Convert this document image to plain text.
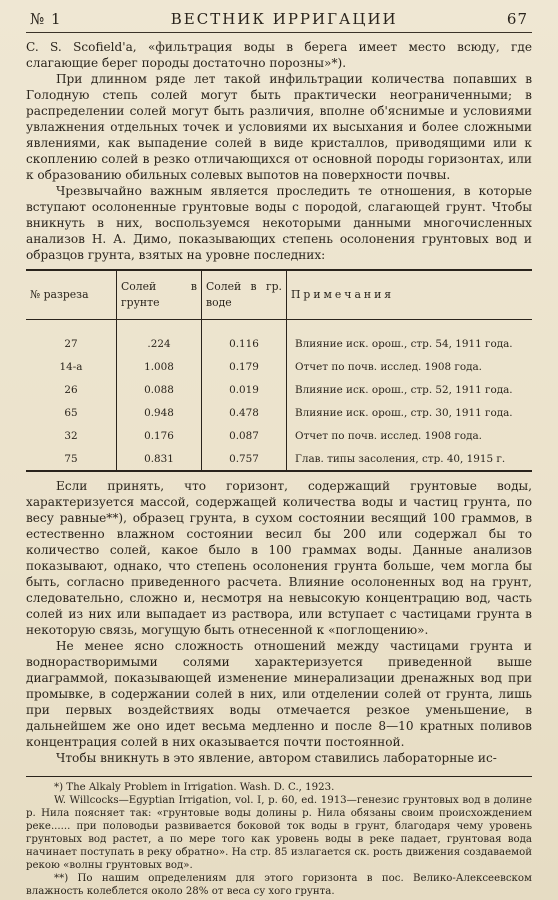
№ 1	ВЕСТНИК ИРРИГАЦИИ	67

C. S. Scofield'a, «фильтрация воды в берега имеет место всюду, где слагающие берег породы достаточно порозны»*).

При длинном ряде лет такой инфильтрации количества попавших в Голодную степь солей могут быть практически неограниченными; в распределении солей могут быть различия, вполне об'яснимые и условиями увлажнения отдельных точек и условиями их высыхания и более сложными явлениями, как выпадение солей в виде кристаллов, приводящими или к скоплению солей в резко отличающихся от основной породы горизонтах, или к образованию обильных солевых выпотов на поверхности почвы.

Чрезвычайно важным является проследить те отношения, в которые вступают осолоненные грунтовые воды с породой, слагающей грунт. Чтобы вникнуть в них, воспользуемся некоторыми данными многочисленных анализов Н. А. Димо, показывающих степень осолонения грунтовых вод и образцов грунта, взятых на уровне последних:

№ разреза	Солей в грунте	Солей в гр. воде	Примечания

27	.224	0.116	Влияние иск. орош., стр. 54, 1911 года.
14-а	1.008	0.179	Отчет по почв. исслед. 1908 года.
26	0.088	0.019	Влияние иск. орош., стр. 52, 1911 года.
65	0.948	0.478	Влияние иск. орош., стр. 30, 1911 года.
32	0.176	0.087	Отчет по почв. исслед. 1908 года.
75	0.831	0.757	Глав. типы засоления, стр. 40, 1915 г.

Если принять, что горизонт, содержащий грунтовые воды, характеризуется массой, содержащей количества воды и частиц грунта, по весу равные**), образец грунта, в сухом состоянии весящий 100 граммов, в естественно влажном состоянии весил бы 200 или содержал бы то количество солей, какое было в 100 граммах воды. Данные анализов показывают, однако, что степень осолонения грунта больше, чем могла бы быть, согласно приведенного расчета. Влияние осолоненных вод на грунт, следовательно, сложно и, несмотря на невысокую концентрацию вод, часть солей из них или выпадает из раствора, или вступает с частицами грунта в некоторую связь, могущую быть отнесенной к «поглощению».

Не менее ясно сложность отношений между частицами грунта и воднорастворимыми солями характеризуется приведенной выше диаграммой, показывающей изменение минерализации дренажных вод при промывке, в содержании солей в них, или отделении солей от грунта, лишь при первых воздействиях воды отмечается резкое уменьшение, в дальнейшем же оно идет весьма медленно и после 8—10 кратных поливов концентрация солей в них оказывается почти постоянной.

Чтобы вникнуть в это явление, автором ставились лабораторные ис-

*) The Alkaly Problem in Irrigation. Wash. D. C., 1923.

W. Willcocks—Egyptian Irrigation, vol. I, p. 60, ed. 1913—генезис грунтовых вод в долине р. Нила поясняет так: «грунтовые воды долины р. Нила обязаны своим происхождением реке...... при половодьи развивается боковой ток воды в грунт, благодаря чему уровень грунтовых вод растет, а по мере того как уровень воды в реке падает, грунтовая вода начинает поступать в реку обратно». На стр. 85 излагается ск. рость движения создаваемой рекою «волны грунтовых вод».

**) По нашим определениям для этого горизонта в пос. Велико-Алексеевском влажность колеблется около 28% от веса су хого грунта.
